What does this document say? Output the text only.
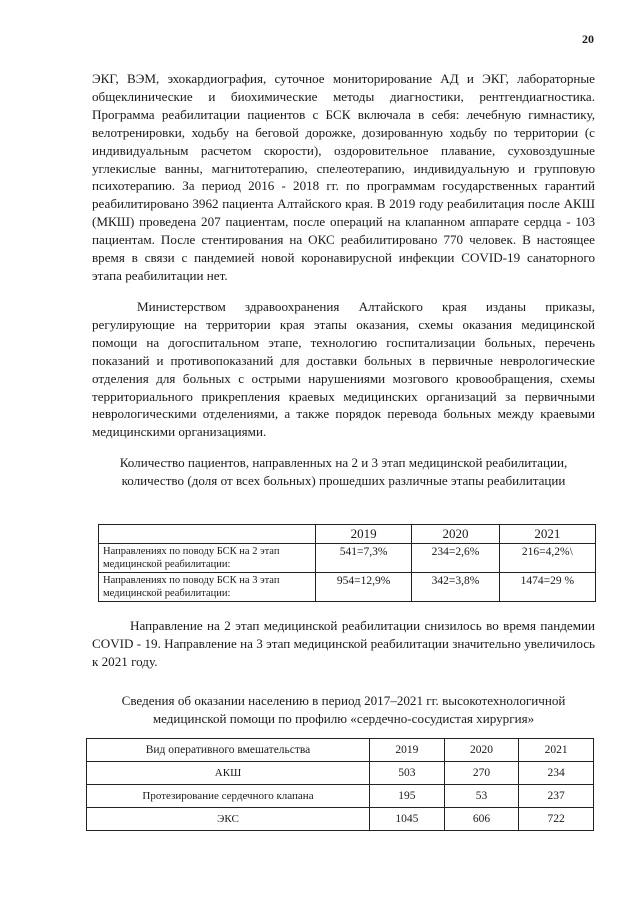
20

ЭКГ, ВЭМ, эхокардиография, суточное мониторирование АД и ЭКГ, лабораторные общеклинические и биохимические методы диагностики, рентгендиагностика. Программа реабилитации пациентов с БСК включала в себя: лечебную гимнастику, велотренировки, ходьбу на беговой дорожке, дозированную ходьбу по территории (с индивидуальным расчетом скорости), оздоровительное плавание, суховоздушные углекислые ванны, магнитотерапию, спелеотерапию, индивидуальную и групповую психотерапию. За период 2016 - 2018 гг. по программам государственных гарантий реабилитировано 3962 пациента Алтайского края. В 2019 году реабилитация после АКШ (МКШ) проведена 207 пациентам, после операций на клапанном аппарате сердца - 103 пациентам. После стентирования на ОКС реабилитировано 770 человек. В настоящее время в связи с пандемией новой коронавирусной инфекции COVID-19 санаторного этапа реабилитации нет.

Министерством здравоохранения Алтайского края изданы приказы, регулирующие на территории края этапы оказания, схемы оказания медицинской помощи на догоспитальном этапе, технологию госпитализации больных, перечень показаний и противопоказаний для доставки больных в первичные неврологические отделения для больных с острыми нарушениями мозгового кровообращения, схемы территориального прикрепления краевых медицинских организаций за первичными неврологическими отделениями, а также порядок перевода больных между краевыми медицинскими организациями.

Количество пациентов, направленных на 2 и 3 этап медицинской реабилитации, количество (доля от всех больных) прошедших различные этапы реабилитации

	2019	2020	2021
Направлениях по поводу БСК на 2 этап медицинской реабилитации:	541=7,3%	234=2,6%	216=4,2%\
Направлениях по поводу БСК на 3 этап медицинской реабилитации:	954=12,9%	342=3,8%	1474=29 %

Направление на 2 этап медицинской реабилитации снизилось во время пандемии COVID - 19. Направление на 3 этап медицинской реабилитации значительно увеличилось к 2021 году.

Сведения об оказании населению в период 2017–2021 гг. высокотехнологичной медицинской помощи по профилю «сердечно-сосудистая хирургия»

Вид оперативного вмешательства	2019	2020	2021
АКШ	503	270	234
Протезирование сердечного клапана	195	53	237
ЭКС	1045	606	722
